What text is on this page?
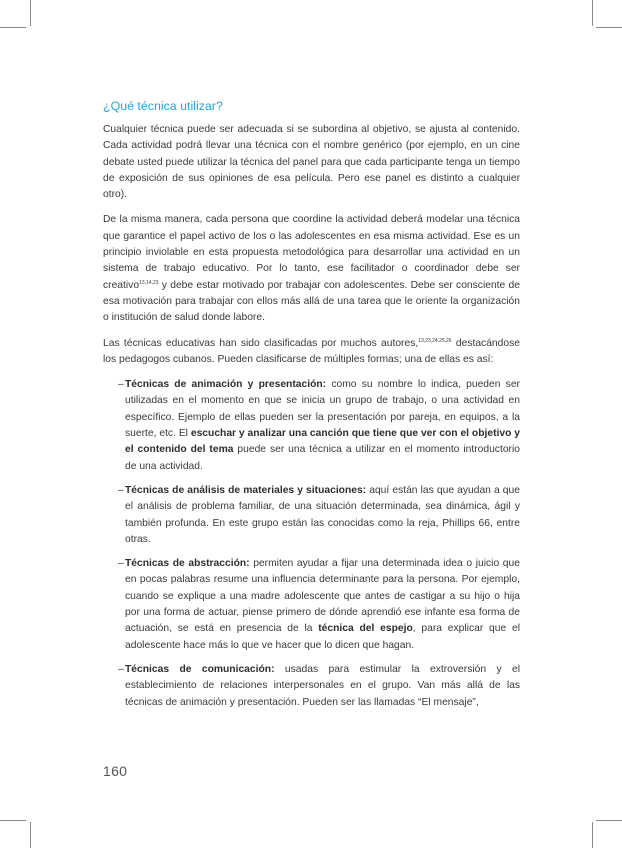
¿Qué técnica utilizar?

Cualquier técnica puede ser adecuada si se subordina al objetivo, se ajusta al contenido. Cada actividad podrá llevar una técnica con el nombre genérico (por ejemplo, en un cine debate usted puede utilizar la técnica del panel para que cada participante tenga un tiempo de exposición de sus opiniones de esa película. Pero ese panel es distinto a cualquier otro).

De la misma manera, cada persona que coordine la actividad deberá modelar una técnica que garantice el papel activo de los o las adolescentes en esa misma actividad. Ese es un principio inviolable en esta propuesta metodológica para desarrollar una actividad en un sistema de trabajo educativo. Por lo tanto, ese facilitador o coordinador debe ser creativo$^{13,14,23}$ y debe estar motivado por trabajar con adolescentes. Debe ser consciente de esa motivación para trabajar con ellos más allá de una tarea que le oriente la organización o institución de salud donde labore.

Las técnicas educativas han sido clasificadas por muchos autores,$^{13,23,24,25,26}$ destacándose los pedagogos cubanos. Pueden clasificarse de múltiples formas; una de ellas es así:

– Técnicas de animación y presentación: como su nombre lo indica, pueden ser utilizadas en el momento en que se inicia un grupo de trabajo, o una actividad en específico. Ejemplo de ellas pueden ser la presentación por pareja, en equipos, a la suerte, etc. El escuchar y analizar una canción que tiene que ver con el objetivo y el contenido del tema puede ser una técnica a utilizar en el momento introductorio de una actividad.
– Técnicas de análisis de materiales y situaciones: aquí están las que ayudan a que el análisis de problema familiar, de una situación determinada, sea dinámica, ágil y también profunda. En este grupo están las conocidas como la reja, Phillips 66, entre otras.
– Técnicas de abstracción: permiten ayudar a fijar una determinada idea o juicio que en pocas palabras resume una influencia determinante para la persona. Por ejemplo, cuando se explique a una madre adolescente que antes de castigar a su hijo o hija por una forma de actuar, piense primero de dónde aprendió ese infante esa forma de actuación, se está en presencia de la técnica del espejo, para explicar que el adolescente hace más lo que ve hacer que lo dicen que hagan.
– Técnicas de comunicación: usadas para estimular la extroversión y el establecimiento de relaciones interpersonales en el grupo. Van más allá de las técnicas de animación y presentación. Pueden ser las llamadas “El mensaje”,
160
